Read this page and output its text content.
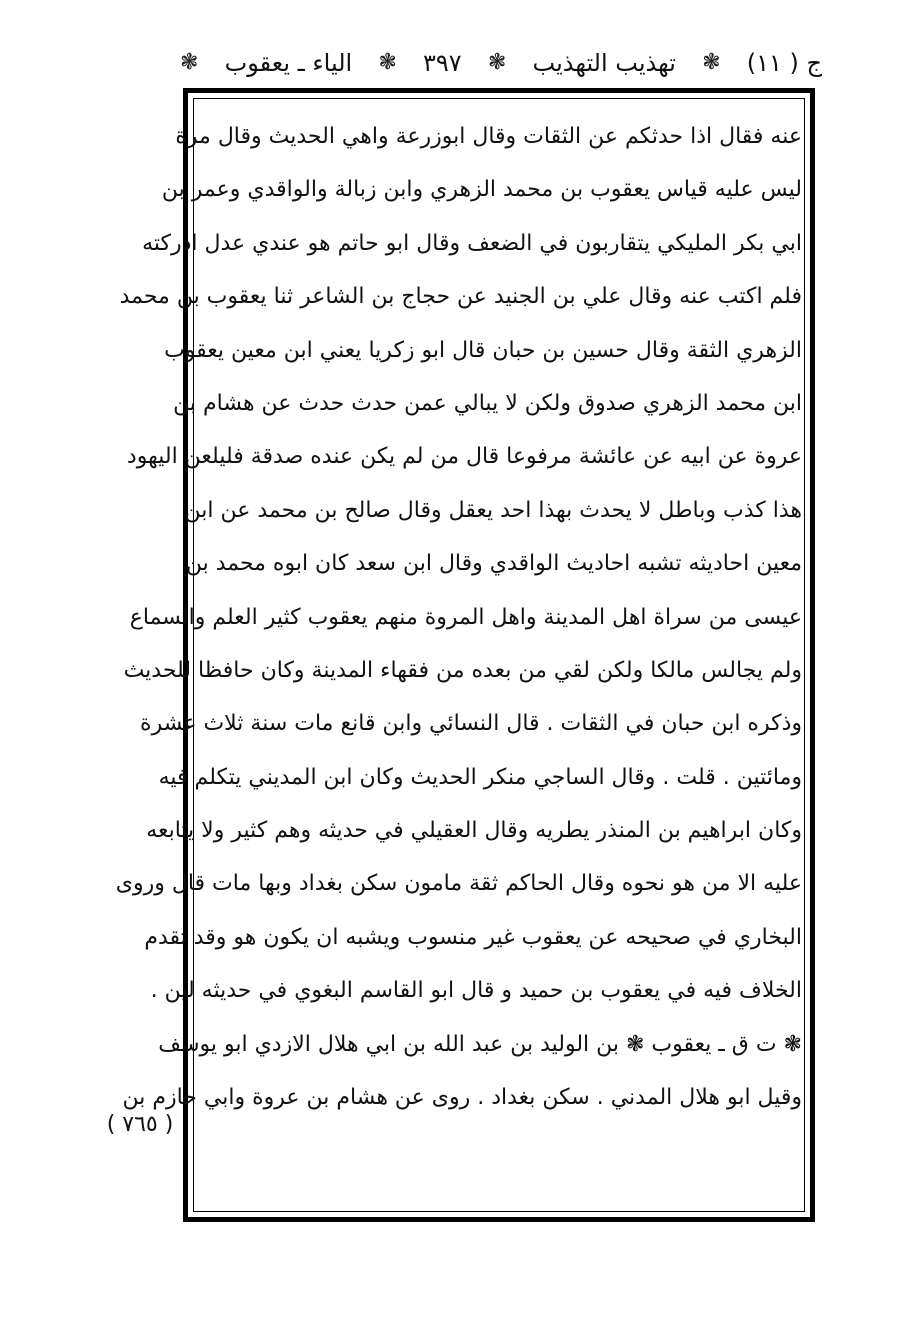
ج ( ١١)
❃
تهذيب التهذيب
❃
٣٩٧
❃
الياء ـ يعقوب
❃
عنه فقال اذا حدثكم عن الثقات وقال ابوزرعة واهي الحديث وقال مرة
ليس عليه قياس يعقوب بن محمد الزهري وابن زبالة والواقدي وعمر بن
ابي بكر المليكي يتقاربون في الضعف وقال ابو حاتم هو عندي عدل ادركته
فلم اكتب عنه وقال علي بن الجنيد عن حجاج بن الشاعر ثنا يعقوب بن محمد
الزهري الثقة وقال حسين بن حبان قال ابو زكريا يعني ابن معين يعقوب
ابن محمد الزهري صدوق ولكن لا يبالي عمن حدث حدث عن هشام بن
عروة عن ابيه عن عائشة مرفوعا قال من لم يكن عنده صدقة فليلعن اليهود
هذا كذب وباطل لا يحدث بهذا احد يعقل وقال صالح بن محمد عن ابن
معين احاديثه تشبه احاديث الواقدي وقال ابن سعد كان ابوه محمد بن
عيسى من سراة اهل المدينة واهل المروة منهم يعقوب كثير العلم والسماع
ولم يجالس مالكا ولكن لقي من بعده من فقهاء المدينة وكان حافظا للحديث
وذكره ابن حبان في الثقات . قال النسائي وابن قانع مات سنة ثلاث عشرة
ومائتين . قلت . وقال الساجي منكر الحديث وكان ابن المديني يتكلم فيه
وكان ابراهيم بن المنذر يطريه وقال العقيلي في حديثه وهم كثير ولا يتابعه
عليه الا من هو نحوه وقال الحاكم ثقة مامون سكن بغداد وبها مات قال وروى
البخاري في صحيحه عن يعقوب غير منسوب ويشبه ان يكون هو وقد تقدم
الخلاف فيه في يعقوب بن حميد و قال ابو القاسم البغوي في حديثه لين .
❃ ت ق ـ يعقوب ❃ بن الوليد بن عبد الله بن ابي هلال الازدي ابو يوسف
وقيل ابو هلال المدني . سكن بغداد . روى عن هشام بن عروة وابي حازم بن
( ٧٦٥ )
